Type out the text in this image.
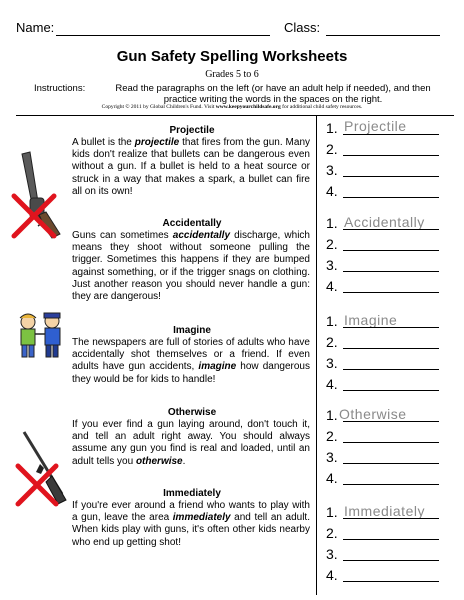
Name:	Class:
Gun Safety Spelling Worksheets
Grades 5 to 6
Instructions:	Read the paragraphs on the left (or have an adult help if needed), and then practice writing the words in the spaces on the right.
Copyright © 2011 by Global Children's Fund. Visit www.keepyourchildsafe.org for additional child safety resources.
Projectile
A bullet is the projectile that fires from the gun. Many kids don't realize that bullets can be dangerous even without a gun. If a bullet is held to a heat source or struck in a way that makes a spark, a bullet can fire all on its own!
1. Projectile
2.
3.
4.
Accidentally
Guns can sometimes accidentally discharge, which means they shoot without someone pulling the trigger. Sometimes this happens if they are bumped against something, or if the trigger snags on clothing. Just another reason you should never handle a gun: they are dangerous!
1. Accidentally
2.
3.
4.
Imagine
The newspapers are full of stories of adults who have accidentally shot themselves or a friend. If even adults have gun accidents, imagine how dangerous they would be for kids to handle!
1. Imagine
2.
3.
4.
Otherwise
If you ever find a gun laying around, don't touch it, and tell an adult right away. You should always assume any gun you find is real and loaded, until an adult tells you otherwise.
1. Otherwise
2.
3.
4.
Immediately
If you're ever around a friend who wants to play with a gun, leave the area immediately and tell an adult. When kids play with guns, it's often other kids nearby who end up getting shot!
1. Immediately
2.
3.
4.
